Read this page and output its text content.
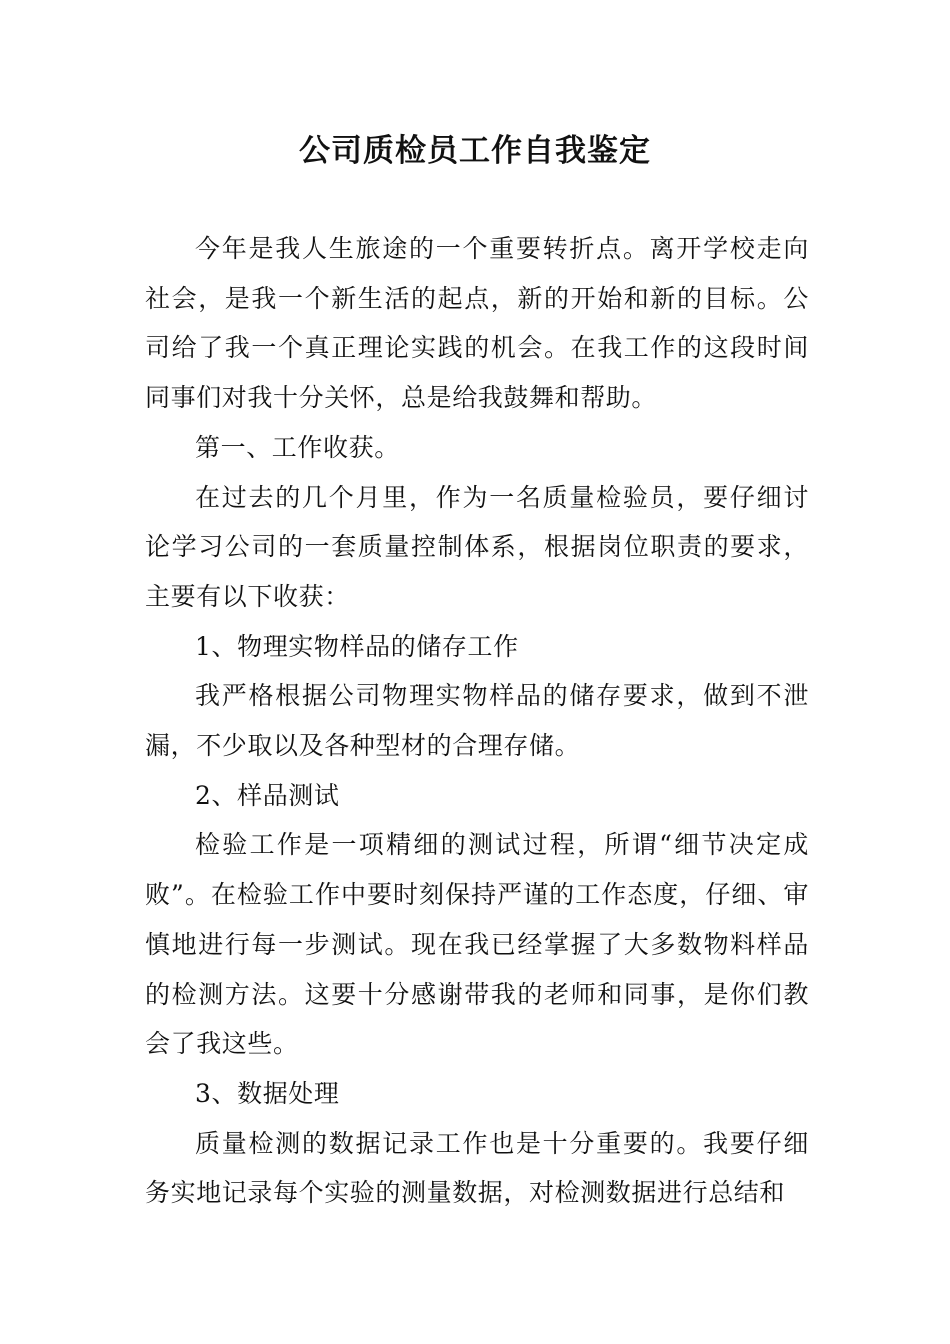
公司质检员工作自我鉴定

今年是我人生旅途的一个重要转折点。离开学校走向社会，是我一个新生活的起点，新的开始和新的目标。公司给了我一个真正理论实践的机会。在我工作的这段时间同事们对我十分关怀，总是给我鼓舞和帮助。

第一、工作收获。

在过去的几个月里，作为一名质量检验员，要仔细讨论学习公司的一套质量控制体系，根据岗位职责的要求，主要有以下收获：

1、物理实物样品的储存工作

我严格根据公司物理实物样品的储存要求，做到不泄漏，不少取以及各种型材的合理存储。

2、样品测试

检验工作是一项精细的测试过程，所谓“细节决定成败”。在检验工作中要时刻保持严谨的工作态度，仔细、审慎地进行每一步测试。现在我已经掌握了大多数物料样品的检测方法。这要十分感谢带我的老师和同事，是你们教会了我这些。

3、数据处理

质量检测的数据记录工作也是十分重要的。我要仔细务实地记录每个实验的测量数据，对检测数据进行总结和
